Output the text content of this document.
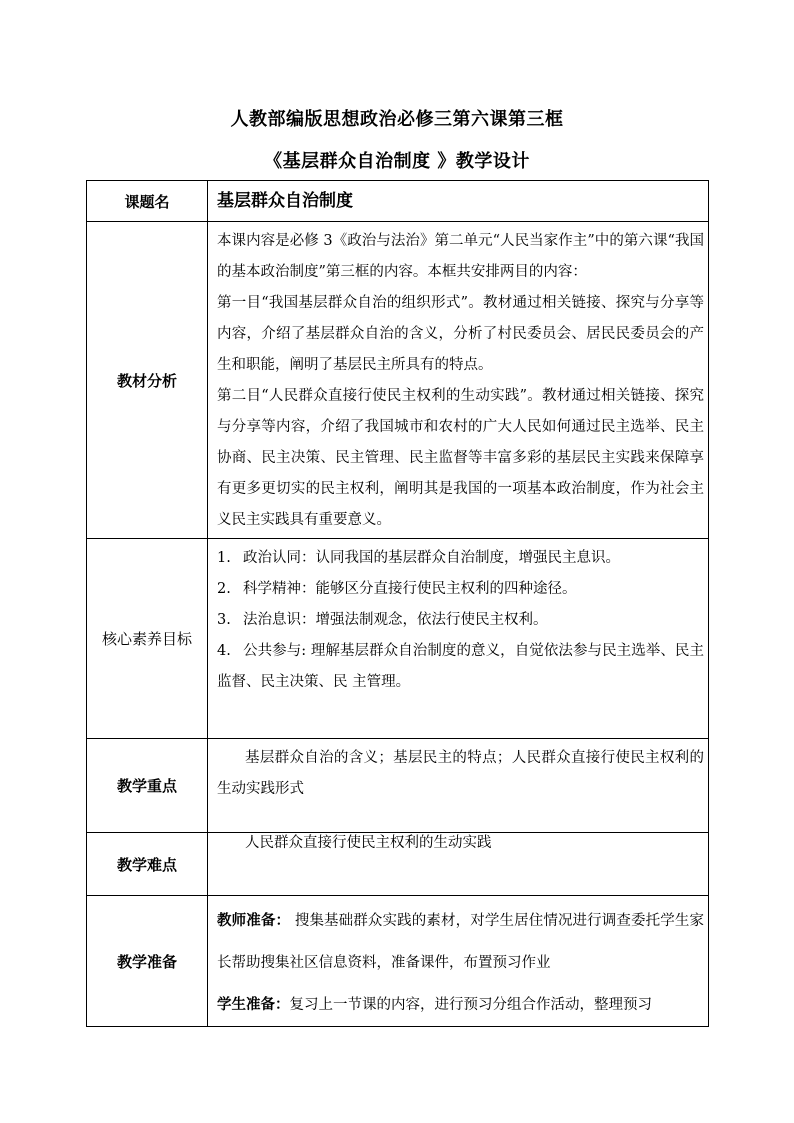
人教部编版思想政治必修三第六课第三框
《基层群众自治制度 》教学设计
课题名	基层群众自治制度
教材分析	本课内容是必修 3《政治与法治》第二单元“人民当家作主”中的第六课“我国的基本政治制度”第三框的内容。本框共安排两目的内容：

第一目“我国基层群众自治的组织形式”。教材通过相关链接、探究与分享等内容，介绍了基层群众自治的含义，分析了村民委员会、居民民委员会的产生和职能，阐明了基层民主所具有的特点。

第二目“人民群众直接行使民主权利的生动实践”。教材通过相关链接、探究与分享等内容，介绍了我国城市和农村的广大人民如何通过民主选举、民主协商、民主决策、民主管理、民主监督等丰富多彩的基层民主实践来保障享有更多更切实的民主权利，阐明其是我国的一项基本政治制度，作为社会主义民主实践具有重要意义。

核心素养目标	1. 政治认同：认同我国的基层群众自治制度，增强民主息识。

2. 科学精神：能够区分直接行使民主权利的四种途径。

3. 法治息识：增强法制观念，依法行使民主权利。

4. 公共参与: 理解基层群众自治制度的意义，自觉依法参与民主选举、民主监督、民主决策、民 主管理。

教学重点	基层群众自治的含义；基层民主的特点；人民群众直接行使民主权利的生动实践形式

教学难点	人民群众直接行使民主权利的生动实践

教学准备	教师准备： 搜集基础群众实践的素材，对学生居住情况进行调查委托学生家长帮助搜集社区信息资料，准备课件，布置预习作业

学生准备：复习上一节课的内容，进行预习分组合作活动，整理预习
